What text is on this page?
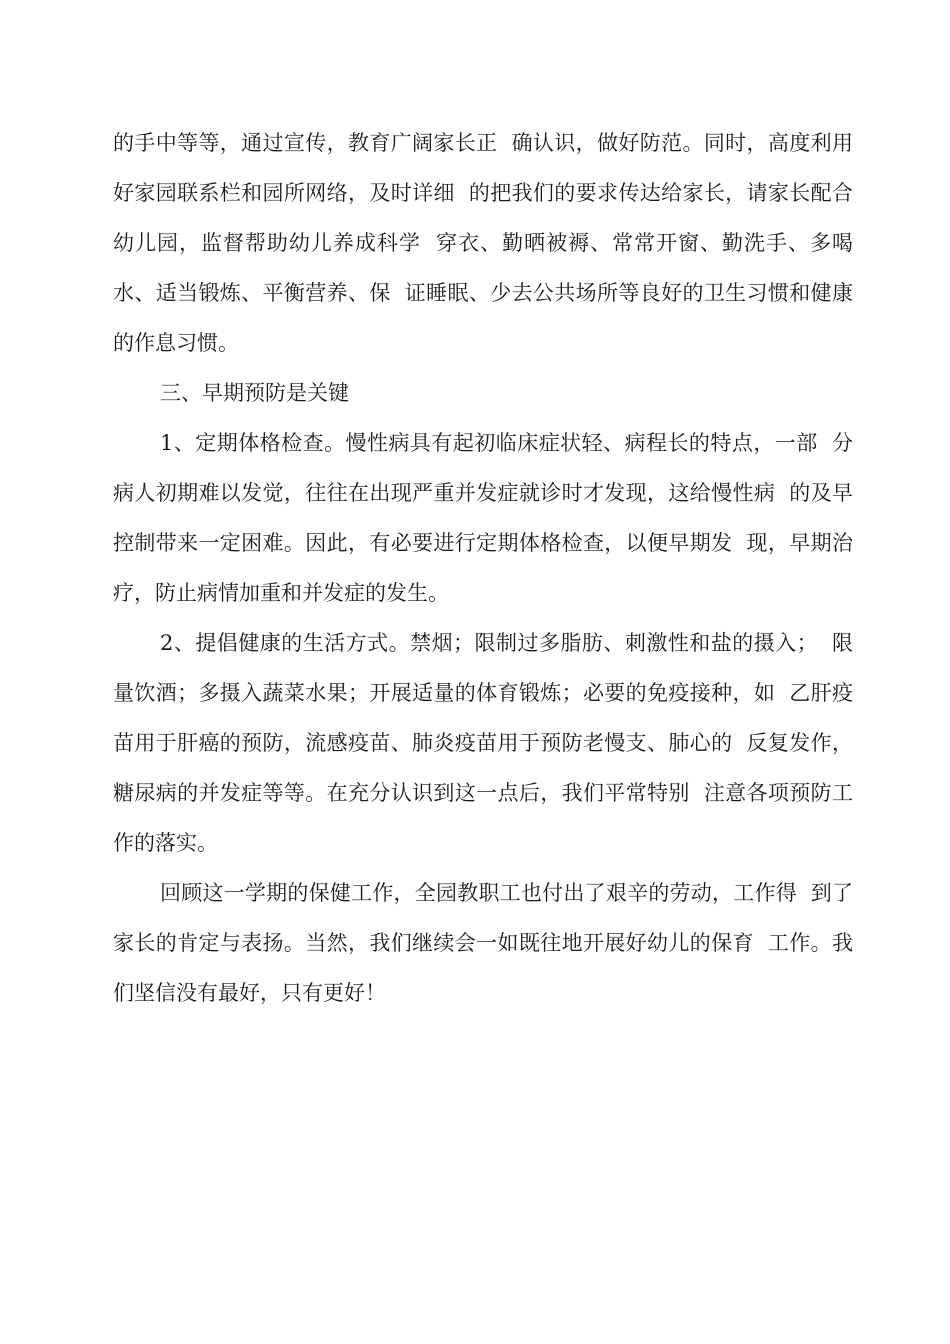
的手中等等，通过宣传，教育广阔家长正  确认识，做好防范。同时，高度利用
好家园联系栏和园所网络，及时详细  的把我们的要求传达给家长，请家长配合
幼儿园，监督帮助幼儿养成科学  穿衣、勤晒被褥、常常开窗、勤洗手、多喝
水、适当锻炼、平衡营养、保  证睡眠、少去公共场所等良好的卫生习惯和健康
的作息习惯。
三、早期预防是关键
1、定期体格检查。慢性病具有起初临床症状轻、病程长的特点，一部  分
病人初期难以发觉，往往在出现严重并发症就诊时才发现，这给慢性病  的及早
控制带来一定困难。因此，有必要进行定期体格检查，以便早期发  现，早期治
疗，防止病情加重和并发症的发生。
2、提倡健康的生活方式。禁烟；限制过多脂肪、刺激性和盐的摄入；  限
量饮酒；多摄入蔬菜水果；开展适量的体育锻炼；必要的免疫接种，如  乙肝疫
苗用于肝癌的预防，流感疫苗、肺炎疫苗用于预防老慢支、肺心的  反复发作，
糖尿病的并发症等等。在充分认识到这一点后，我们平常特别  注意各项预防工
作的落实。
回顾这一学期的保健工作，全园教职工也付出了艰辛的劳动，工作得  到了
家长的肯定与表扬。当然，我们继续会一如既往地开展好幼儿的保育  工作。我
们坚信没有最好，只有更好！
